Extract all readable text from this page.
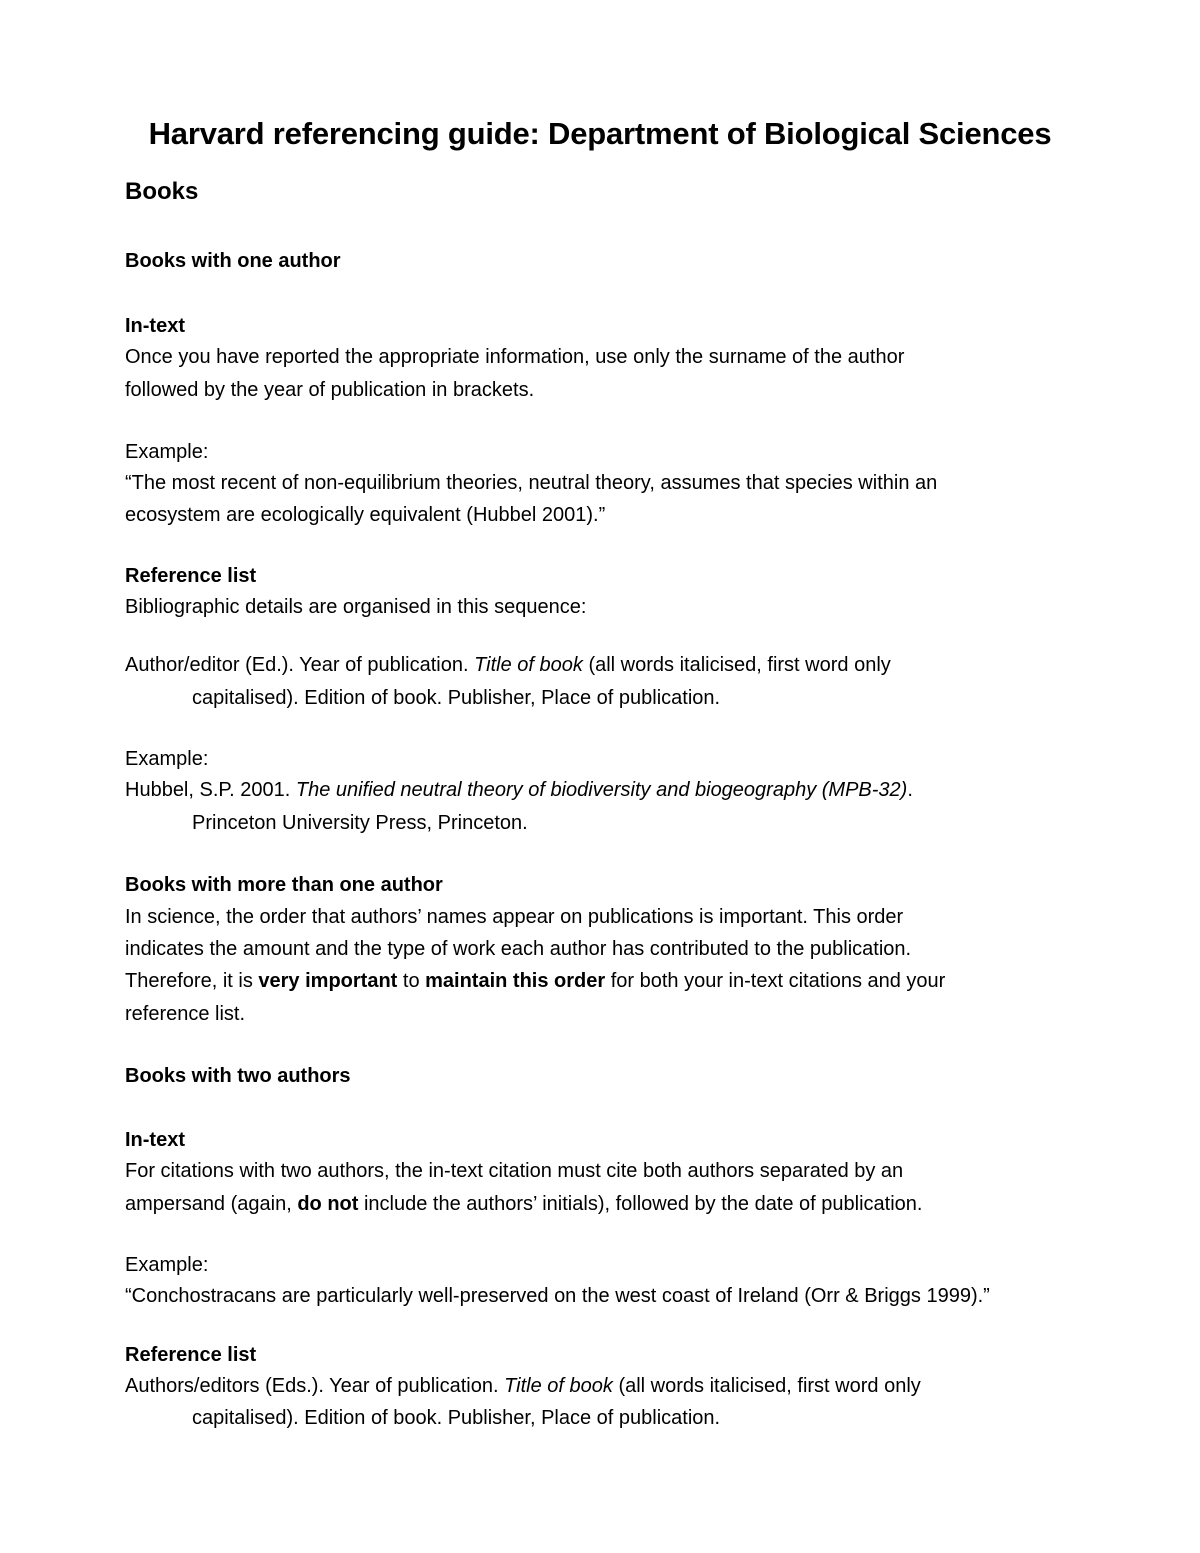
Harvard referencing guide: Department of Biological Sciences
Books
Books with one author
In-text
Once you have reported the appropriate information, use only the surname of the author
followed by the year of publication in brackets.
Example:
“The most recent of non-equilibrium theories, neutral theory, assumes that species within an
ecosystem are ecologically equivalent (Hubbel 2001).”
Reference list
Bibliographic details are organised in this sequence:
Author/editor (Ed.). Year of publication. Title of book (all words italicised, first word only
capitalised). Edition of book. Publisher, Place of publication.
Example:
Hubbel, S.P. 2001. The unified neutral theory of biodiversity and biogeography (MPB-32).
Princeton University Press, Princeton.
Books with more than one author
In science, the order that authors’ names appear on publications is important. This order
indicates the amount and the type of work each author has contributed to the publication.
Therefore, it is very important to maintain this order for both your in-text citations and your
reference list.
Books with two authors
In-text
For citations with two authors, the in-text citation must cite both authors separated by an
ampersand (again, do not include the authors’ initials), followed by the date of publication.
Example:
“Conchostracans are particularly well-preserved on the west coast of Ireland (Orr & Briggs 1999).”
Reference list
Authors/editors (Eds.). Year of publication. Title of book (all words italicised, first word only
capitalised). Edition of book. Publisher, Place of publication.
